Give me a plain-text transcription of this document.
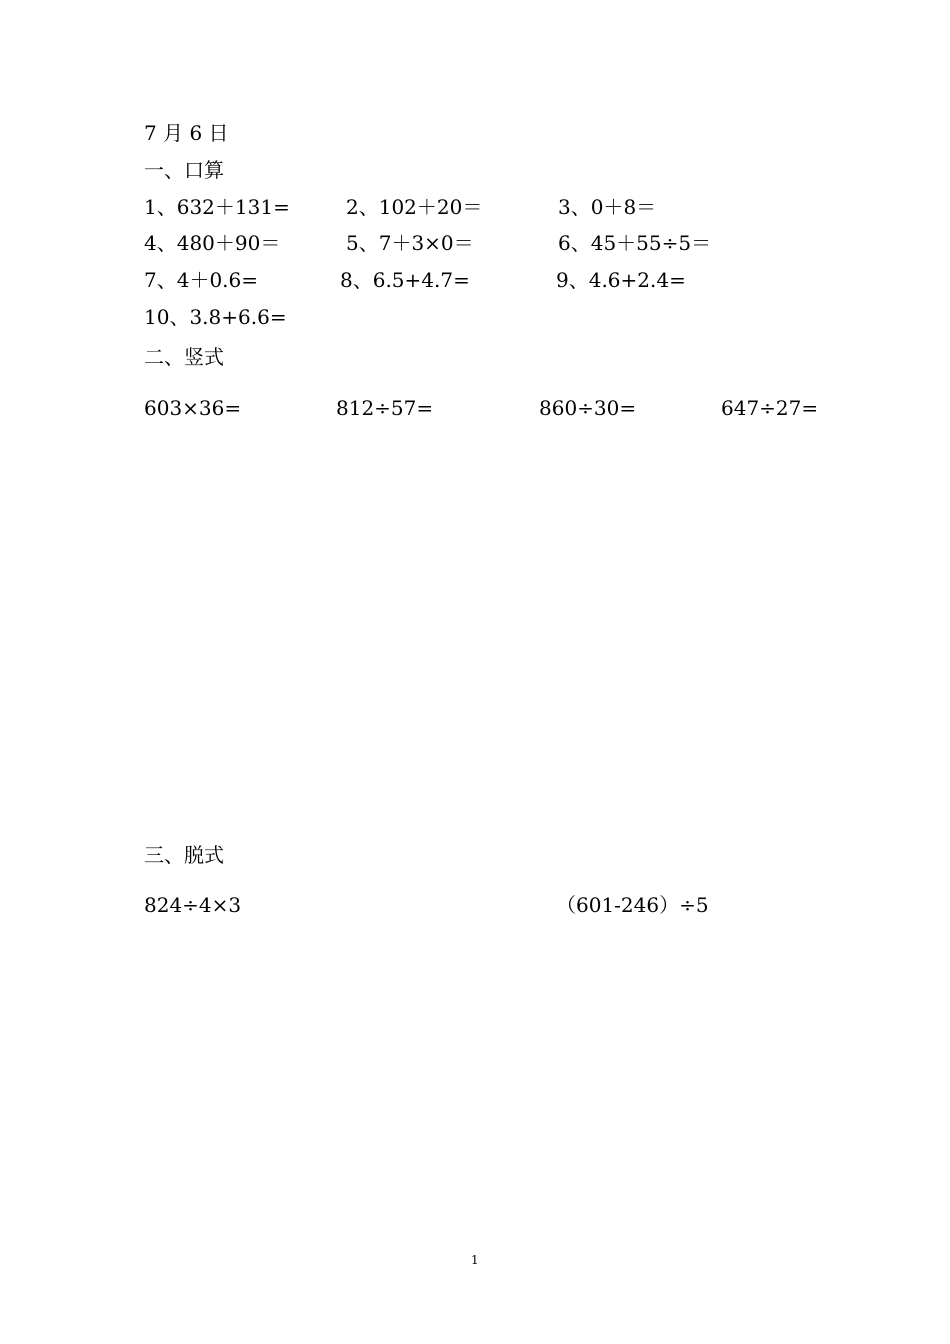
7 月 6 日
一、口算
1、632＋131=	2、102＋20＝	3、0＋8＝
4、480＋90＝	5、7＋3×0＝	6、45＋55÷5＝
7、4＋0.6=	8、6.5+4.7=	9、4.6+2.4=
10、3.8+6.6=
二、竖式
603×36=	812÷57=	860÷30=	647÷27=
三、脱式
824÷4×3	（601-246）÷5
1
